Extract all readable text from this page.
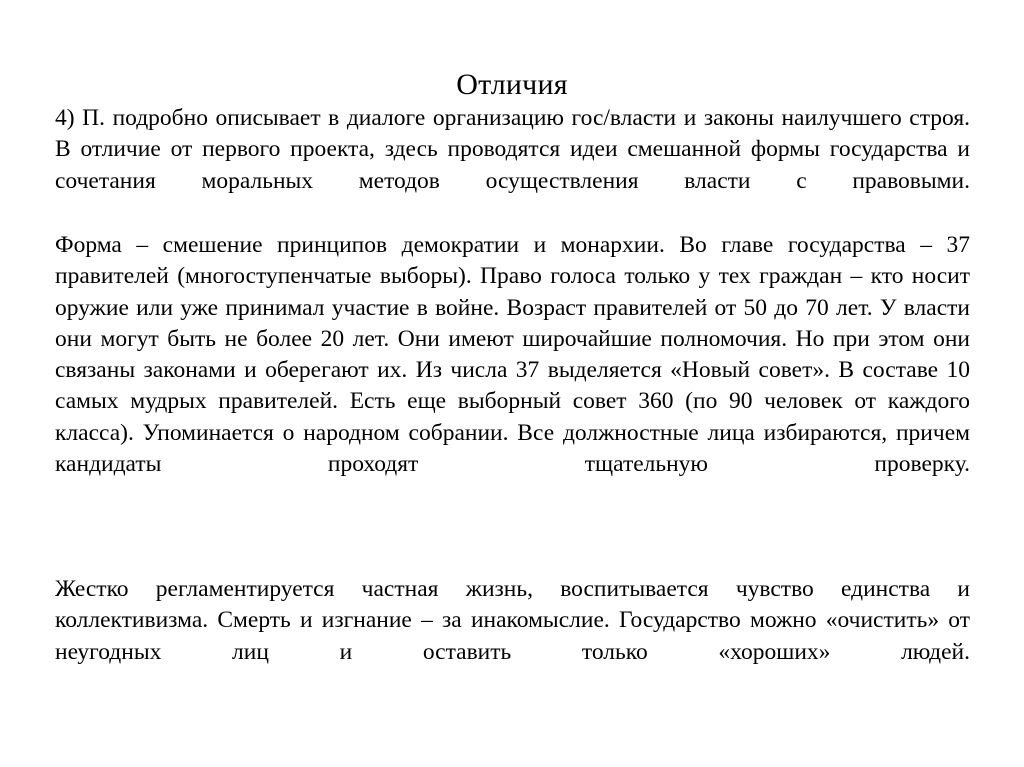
Отличия

4) П. подробно описывает в диалоге организацию гос/власти и законы наилучшего строя. В отличие от первого проекта, здесь проводятся идеи смешанной формы государства и сочетания моральных методов осуществления власти с правовыми.

Форма – смешение принципов демократии и монархии. Во главе государства – 37 правителей (многоступенчатые выборы). Право голоса только у тех граждан – кто носит оружие или уже принимал участие в войне. Возраст правителей от 50 до 70 лет. У власти они могут быть не более 20 лет. Они имеют широчайшие полномочия. Но при этом они связаны законами и оберегают их. Из числа 37 выделяется «Новый совет». В составе 10 самых мудрых правителей. Есть еще выборный совет 360 (по 90 человек от каждого класса). Упоминается о народном собрании. Все должностные лица избираются, причем кандидаты проходят тщательную проверку.

Жестко регламентируется частная жизнь, воспитывается чувство единства и коллективизма. Смерть и изгнание – за инакомыслие. Государство можно «очистить» от неугодных лиц и оставить только «хороших» людей.
